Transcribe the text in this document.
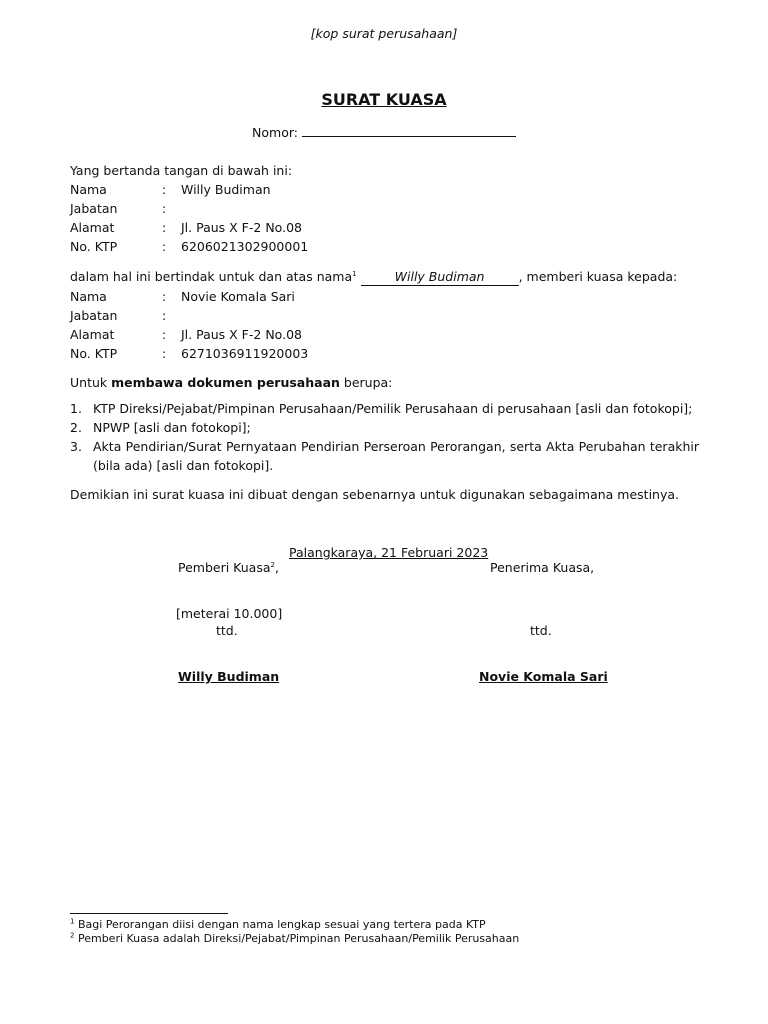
[kop surat perusahaan]
SURAT KUASA
Nomor:
Yang bertanda tangan di bawah ini:
Nama	: Willy Budiman
Jabatan	:
Alamat	: Jl. Paus X F-2 No.08
No. KTP	: 6206021302900001
dalam hal ini bertindak untuk dan atas nama$^1$	Willy Budiman	, memberi kuasa kepada:
Nama	: Novie Komala Sari
Jabatan	:
Alamat	: Jl. Paus X F-2 No.08
No. KTP	: 6271036911920003
Untuk membawa dokumen perusahaan berupa:
1. KTP Direksi/Pejabat/Pimpinan Perusahaan/Pemilik Perusahaan di perusahaan [asli dan fotokopi];
2. NPWP [asli dan fotokopi];
3. Akta Pendirian/Surat Pernyataan Pendirian Perseroan Perorangan, serta Akta Perubahan terakhir (bila ada) [asli dan fotokopi].
Demikian ini surat kuasa ini dibuat dengan sebenarnya untuk digunakan sebagaimana mestinya.
Palangkaraya, 21 Februari 2023
Pemberi Kuasa$^2$,	Penerima Kuasa,
[meterai 10.000]
ttd.	ttd.
Willy Budiman	Novie Komala Sari
$^1$ Bagi Perorangan diisi dengan nama lengkap sesuai yang tertera pada KTP
$^2$ Pemberi Kuasa adalah Direksi/Pejabat/Pimpinan Perusahaan/Pemilik Perusahaan
